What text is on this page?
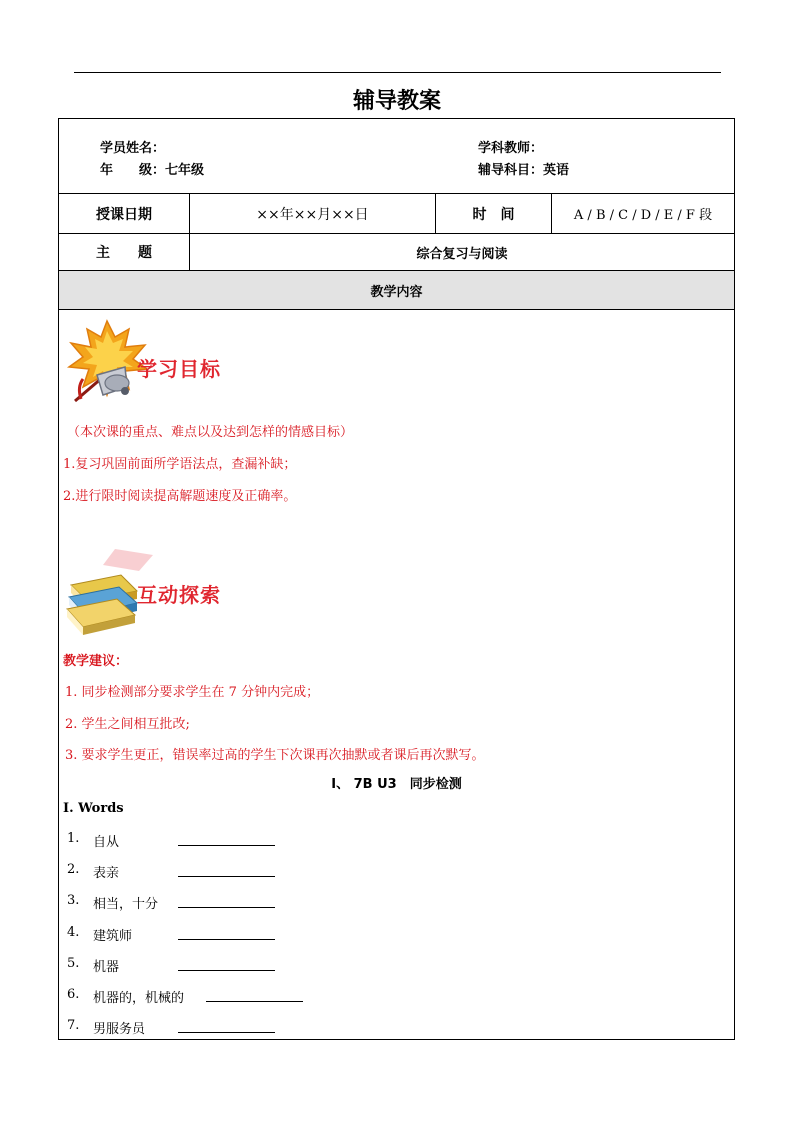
辅导教案
学员姓名：	学科教师：
年　　级：七年级	辅导科目：英语
授课日期	××年××月××日	时　间	A / B / C / D / E / F 段
主　　题	综合复习与阅读
教学内容
学习目标
（本次课的重点、难点以及达到怎样的情感目标）
1.复习巩固前面所学语法点，查漏补缺；
2.进行限时阅读提高解题速度及正确率。
互动探索
教学建议：
1. 同步检测部分要求学生在 7 分钟内完成；
2. 学生之间相互批改;
3. 要求学生更正，错误率过高的学生下次课再次抽默或者课后再次默写。
I、 7B U3　同步检测
I. Words
1. 自从
2. 表亲
3. 相当，十分
4. 建筑师
5. 机器
6. 机器的，机械的
7. 男服务员
